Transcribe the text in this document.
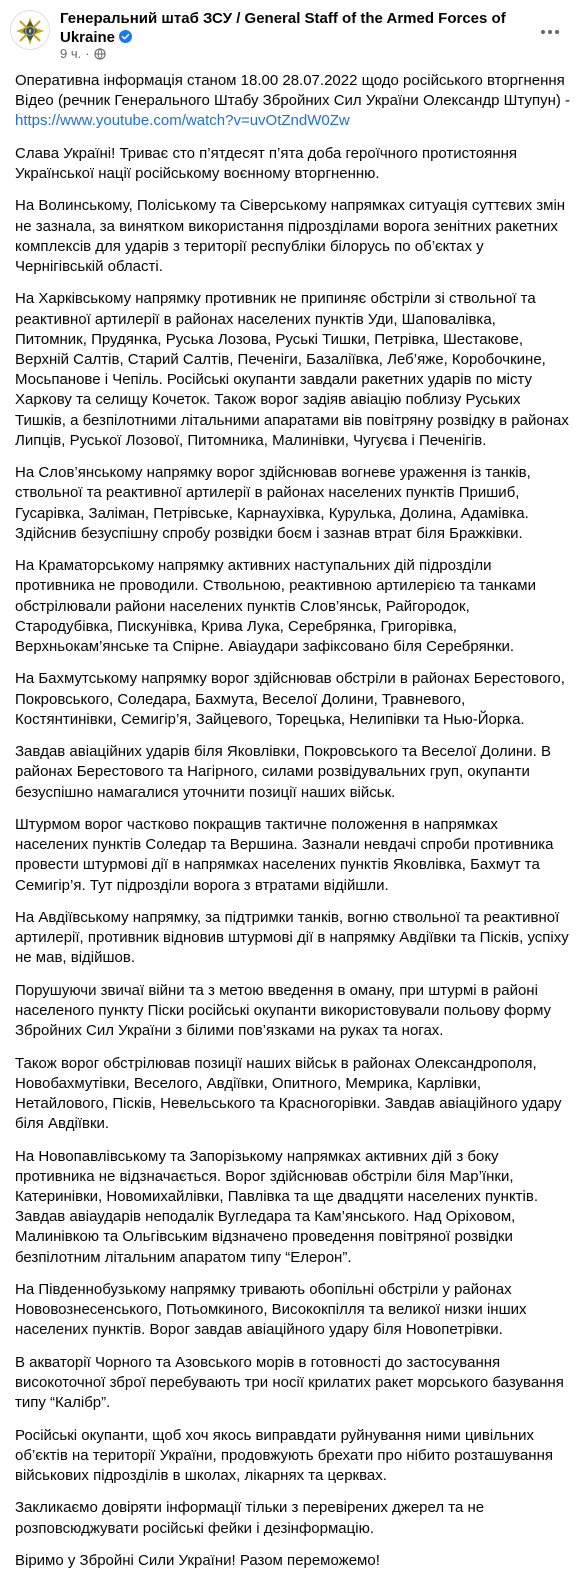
Генеральний штаб ЗСУ / General Staff of the Armed Forces of Ukraine
9 ч. ·

Оперативна інформація станом 18.00 28.07.2022 щодо російського вторгнення Відео (речник Генерального Штабу Збройних Сил України Олександр Штупун) - https://www.youtube.com/watch?v=uvOtZndW0Zw

Слава Україні! Триває сто п’ятдесят п’ята доба героїчного протистояння Української нації російському воєнному вторгненню.

На Волинському, Поліському та Сіверському напрямках ситуація суттєвих змін не зазнала, за винятком використання підрозділами ворога зенітних ракетних комплексів для ударів з території республіки білорусь по об’єктах у Чернігівській області.

На Харківському напрямку противник не припиняє обстріли зі ствольної та реактивної артилерії в районах населених пунктів Уди, Шаповалівка, Питомник, Прудянка, Руська Лозова, Руські Тишки, Петрівка, Шестакове, Верхній Салтів, Старий Салтів, Печеніги, Базаліївка, Леб’яже, Коробочкине, Мосьпанове і Чепіль. Російські окупанти завдали ракетних ударів по місту Харкову та селищу Кочеток. Також ворог задіяв авіацію поблизу Руських Тишків, а безпілотними літальними апаратами вів повітряну розвідку в районах Липців, Руської Лозової, Питомника, Малинівки, Чугуєва і Печенігів.

На Слов’янському напрямку ворог здійснював вогневе ураження із танків, ствольної та реактивної артилерії в районах населених пунктів Пришиб, Гусарівка, Заліман, Петрівське, Карнаухівка, Курулька, Долина, Адамівка. Здійснив безуспішну спробу розвідки боєм і зазнав втрат біля Бражківки.

На Краматорському напрямку активних наступальних дій підрозділи противника не проводили. Ствольною, реактивною артилерією та танками обстрілювали райони населених пунктів Слов’янськ, Райгородок, Стародубівка, Пискунівка, Крива Лука, Серебрянка, Григорівка, Верхньокам’янське та Спірне. Авіаудари зафіксовано біля Серебрянки.

На Бахмутському напрямку ворог здійснював обстріли в районах Берестового, Покровського, Соледара, Бахмута, Веселої Долини, Травневого, Костянтинівки, Семигір’я, Зайцевого, Торецька, Нелипівки та Нью-Йорка.

Завдав авіаційних ударів біля Яковлівки, Покровського та Веселої Долини. В районах Берестового та Нагірного, силами розвідувальних груп, окупанти безуспішно намагалися уточнити позиції наших військ.

Штурмом ворог частково покращив тактичне положення в напрямках населених пунктів Соледар та Вершина. Зазнали невдачі спроби противника провести штурмові дії в напрямках населених пунктів Яковлівка, Бахмут та Семигір’я. Тут підрозділи ворога з втратами відійшли.

На Авдіївському напрямку, за підтримки танків, вогню ствольної та реактивної артилерії, противник відновив штурмові дії в напрямку Авдіївки та Пісків, успіху не мав, відійшов.

Порушуючи звичаї війни та з метою введення в оману, при штурмі в районі населеного пункту Піски російські окупанти використовували польову форму Збройних Сил України з білими пов’язками на руках та ногах.

Також ворог обстрілював позиції наших військ в районах Олександрополя, Новобахмутівки, Веселого, Авдіївки, Опитного, Мемрика, Карлівки, Нетайлового, Пісків, Невельського та Красногорівки. Завдав авіаційного удару біля Авдіївки.

На Новопавлівському та Запорізькому напрямках активних дій з боку противника не відзначається. Ворог здійснював обстріли біля Мар’їнки, Катеринівки, Новомихайлівки, Павлівка та ще двадцяти населених пунктів. Завдав авіаударів неподалік Вугледара та Кам’янського. Над Оріховом, Малинівкою та Ольгівським відзначено проведення повітряної розвідки безпілотним літальним апаратом типу “Елерон”.

На Південнобузькому напрямку тривають обопільні обстріли у районах Нововознесенського, Потьомкиного, Висококпілля та великої низки інших населених пунктів. Ворог завдав авіаційного удару біля Новопетрівки.

В акваторії Чорного та Азовського морів в готовності до застосування високоточної зброї перебувають три носії крилатих ракет морського базування типу “Калібр”.

Російські окупанти, щоб хоч якось виправдати руйнування ними цивільних об’єктів на території України, продовжують брехати про нібито розташування військових підрозділів в школах, лікарнях та церквах.

Закликаємо довіряти інформації тільки з перевірених джерел та не розповсюджувати російські фейки і дезінформацію.

Віримо у Збройні Сили України! Разом переможемо!
